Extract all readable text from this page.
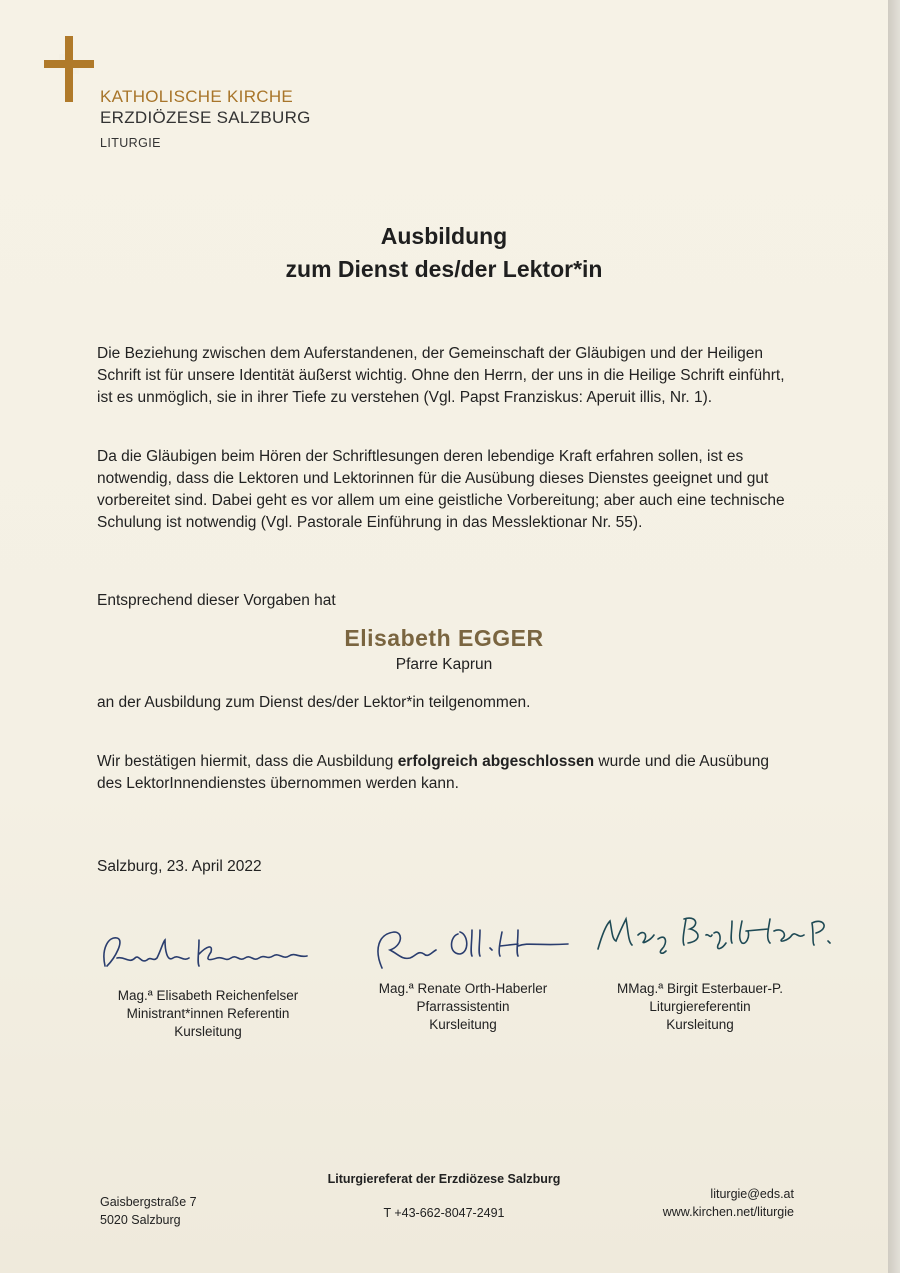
KATHOLISCHE KIRCHE
ERZDIÖZESE SALZBURG
LITURGIE
Ausbildung
zum Dienst des/der Lektor*in
Die Beziehung zwischen dem Auferstandenen, der Gemeinschaft der Gläubigen und der Heiligen Schrift ist für unsere Identität äußerst wichtig. Ohne den Herrn, der uns in die Heilige Schrift einführt, ist es unmöglich, sie in ihrer Tiefe zu verstehen (Vgl. Papst Franziskus: Aperuit illis, Nr. 1).
Da die Gläubigen beim Hören der Schriftlesungen deren lebendige Kraft erfahren sollen, ist es notwendig, dass die Lektoren und Lektorinnen für die Ausübung dieses Dienstes geeignet und gut vorbereitet sind. Dabei geht es vor allem um eine geistliche Vorbereitung; aber auch eine technische Schulung ist notwendig (Vgl. Pastorale Einführung in das Messlektionar Nr. 55).
Entsprechend dieser Vorgaben hat
Elisabeth EGGER
Pfarre Kaprun
an der Ausbildung zum Dienst des/der Lektor*in teilgenommen.
Wir bestätigen hiermit, dass die Ausbildung erfolgreich abgeschlossen wurde und die Ausübung des LektorInnendienstes übernommen werden kann.
Salzburg, 23. April 2022
Mag.ª Elisabeth Reichenfelser
Ministrant*innen Referentin
Kursleitung
Mag.ª Renate Orth-Haberler
Pfarrassistentin
Kursleitung
MMag.ª Birgit Esterbauer-P.
Liturgiereferentin
Kursleitung
Liturgiereferat der Erzdiözese Salzburg
Gaisbergstraße 7
5020 Salzburg	T +43-662-8047-2491
liturgie@eds.at
www.kirchen.net/liturgie
